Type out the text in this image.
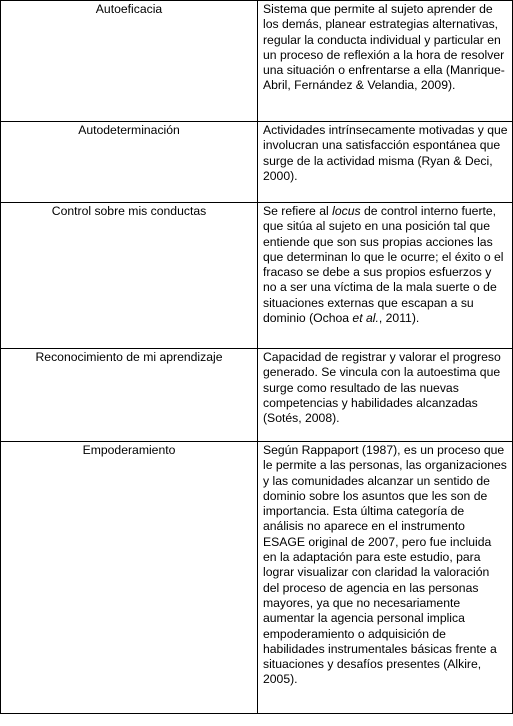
Autoeficacia	Sistema que permite al sujeto aprender de los demás, planear estrategias alternativas, regular la conducta individual y particular en un proceso de reflexión a la hora de resolver una situación o enfrentarse a ella (Manrique-Abril, Fernández & Velandia, 2009).
Autodeterminación	Actividades intrínsecamente motivadas y que involucran una satisfacción espontánea que surge de la actividad misma (Ryan & Deci, 2000).
Control sobre mis conductas	Se refiere al locus de control interno fuerte, que sitúa al sujeto en una posición tal que entiende que son sus propias acciones las que determinan lo que le ocurre; el éxito o el fracaso se debe a sus propios esfuerzos y no a ser una víctima de la mala suerte o de situaciones externas que escapan a su dominio (Ochoa et al., 2011).
Reconocimiento de mi aprendizaje	Capacidad de registrar y valorar el progreso generado. Se vincula con la autoestima que surge como resultado de las nuevas competencias y habilidades alcanzadas (Sotés, 2008).
Empoderamiento	Según Rappaport (1987), es un proceso que le permite a las personas, las organizaciones y las comunidades alcanzar un sentido de dominio sobre los asuntos que les son de importancia. Esta última categoría de análisis no aparece en el instrumento ESAGE original de 2007, pero fue incluida en la adaptación para este estudio, para lograr visualizar con claridad la valoración del proceso de agencia en las personas mayores, ya que no necesariamente aumentar la agencia personal implica empoderamiento o adquisición de habilidades instrumentales básicas frente a situaciones y desafíos presentes (Alkire, 2005).
